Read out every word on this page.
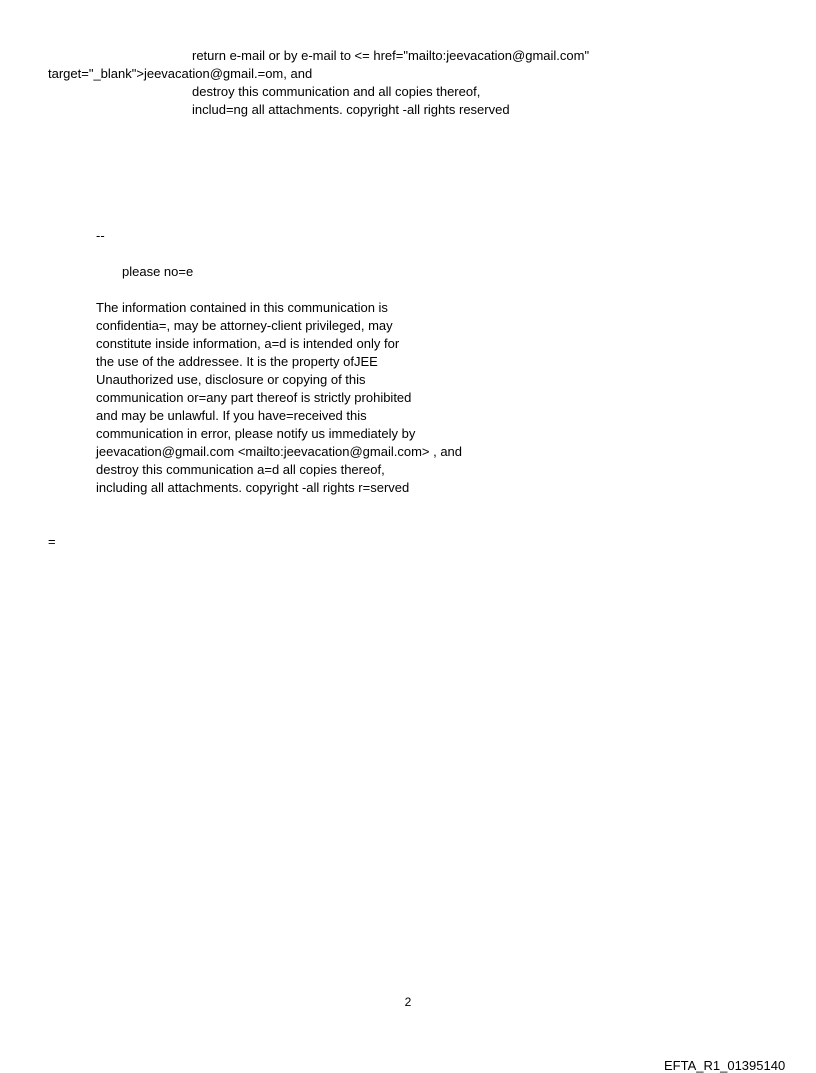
return e-mail or by e-mail to <= href="mailto:jeevacation@gmail.com"
target="_blank">jeevacation@gmail.=om, and
destroy this communication and all copies thereof,
includ=ng all attachments. copyright -all rights reserved
--
please no=e
The information contained in this communication is
confidentia=, may be attorney-client privileged, may
constitute inside information, a=d is intended only for
the use of the addressee. It is the property ofJEE
Unauthorized use, disclosure or copying of this
communication or=any part thereof is strictly prohibited
and may be unlawful. If you have=received this
communication in error, please notify us immediately by
jeevacation@gmail.com <mailto:jeevacation@gmail.com> , and
destroy this communication a=d all copies thereof,
including all attachments. copyright -all rights r=served
=
2
EFTA_R1_01395140
